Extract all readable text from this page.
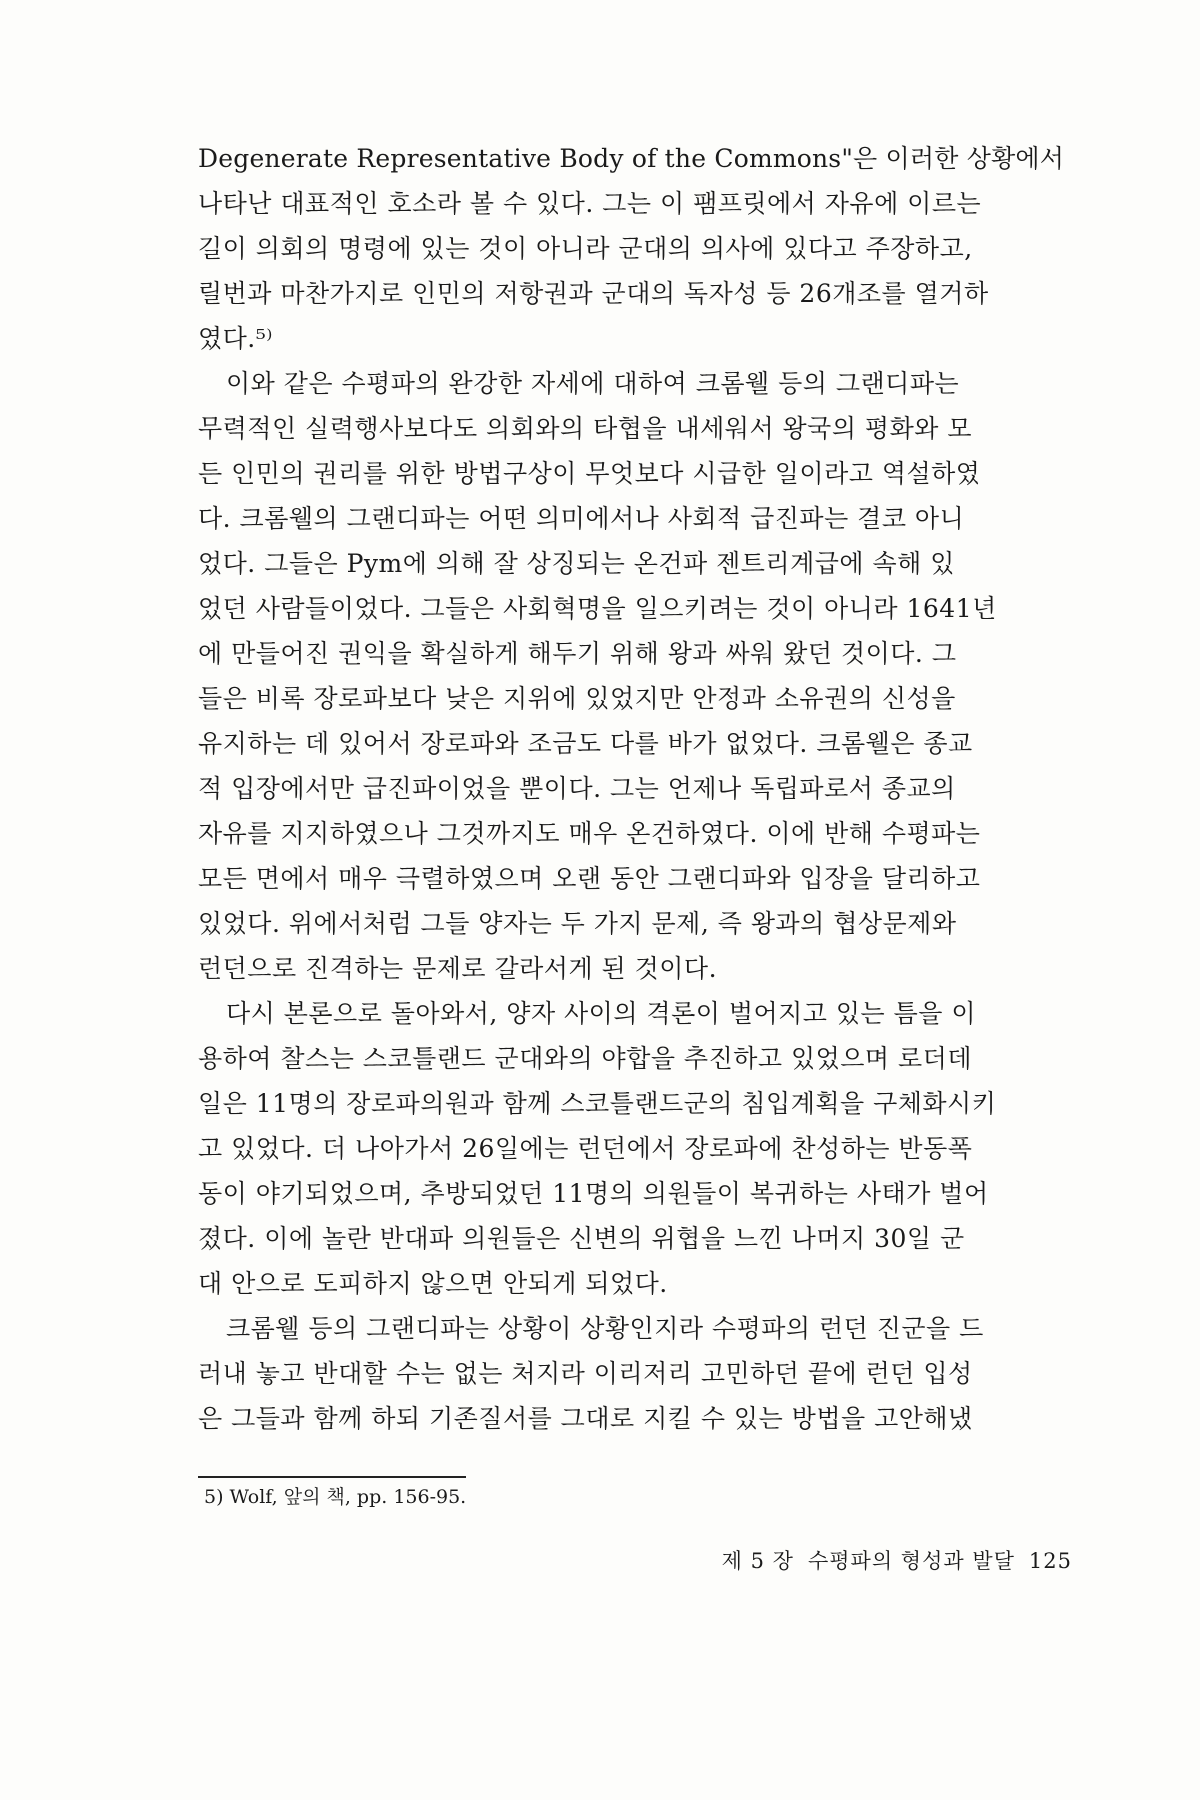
Degenerate Representative Body of the Commons"은 이러한 상황에서
나타난 대표적인 호소라 볼 수 있다. 그는 이 팸프릿에서 자유에 이르는
길이 의회의 명령에 있는 것이 아니라 군대의 의사에 있다고 주장하고,
릴번과 마찬가지로 인민의 저항권과 군대의 독자성 등 26개조를 열거하
였다.⁵⁾
이와 같은 수평파의 완강한 자세에 대하여 크롬웰 등의 그랜디파는
무력적인 실력행사보다도 의회와의 타협을 내세워서 왕국의 평화와 모
든 인민의 권리를 위한 방법구상이 무엇보다 시급한 일이라고 역설하였
다. 크롬웰의 그랜디파는 어떤 의미에서나 사회적 급진파는 결코 아니
었다. 그들은 Pym에 의해 잘 상징되는 온건파 젠트리계급에 속해 있
었던 사람들이었다. 그들은 사회혁명을 일으키려는 것이 아니라 1641년
에 만들어진 권익을 확실하게 해두기 위해 왕과 싸워 왔던 것이다. 그
들은 비록 장로파보다 낮은 지위에 있었지만 안정과 소유권의 신성을
유지하는 데 있어서 장로파와 조금도 다를 바가 없었다. 크롬웰은 종교
적 입장에서만 급진파이었을 뿐이다. 그는 언제나 독립파로서 종교의
자유를 지지하였으나 그것까지도 매우 온건하였다. 이에 반해 수평파는
모든 면에서 매우 극렬하였으며 오랜 동안 그랜디파와 입장을 달리하고
있었다. 위에서처럼 그들 양자는 두 가지 문제, 즉 왕과의 협상문제와
런던으로 진격하는 문제로 갈라서게 된 것이다.
다시 본론으로 돌아와서, 양자 사이의 격론이 벌어지고 있는 틈을 이
용하여 찰스는 스코틀랜드 군대와의 야합을 추진하고 있었으며 로더데
일은 11명의 장로파의원과 함께 스코틀랜드군의 침입계획을 구체화시키
고 있었다. 더 나아가서 26일에는 런던에서 장로파에 찬성하는 반동폭
동이 야기되었으며, 추방되었던 11명의 의원들이 복귀하는 사태가 벌어
졌다. 이에 놀란 반대파 의원들은 신변의 위협을 느낀 나머지 30일 군
대 안으로 도피하지 않으면 안되게 되었다.
크롬웰 등의 그랜디파는 상황이 상황인지라 수평파의 런던 진군을 드
러내 놓고 반대할 수는 없는 처지라 이리저리 고민하던 끝에 런던 입성
은 그들과 함께 하되 기존질서를 그대로 지킬 수 있는 방법을 고안해냈
5) Wolf, 앞의 책, pp. 156-95.
제 5 장 수평파의 형성과 발달 125
